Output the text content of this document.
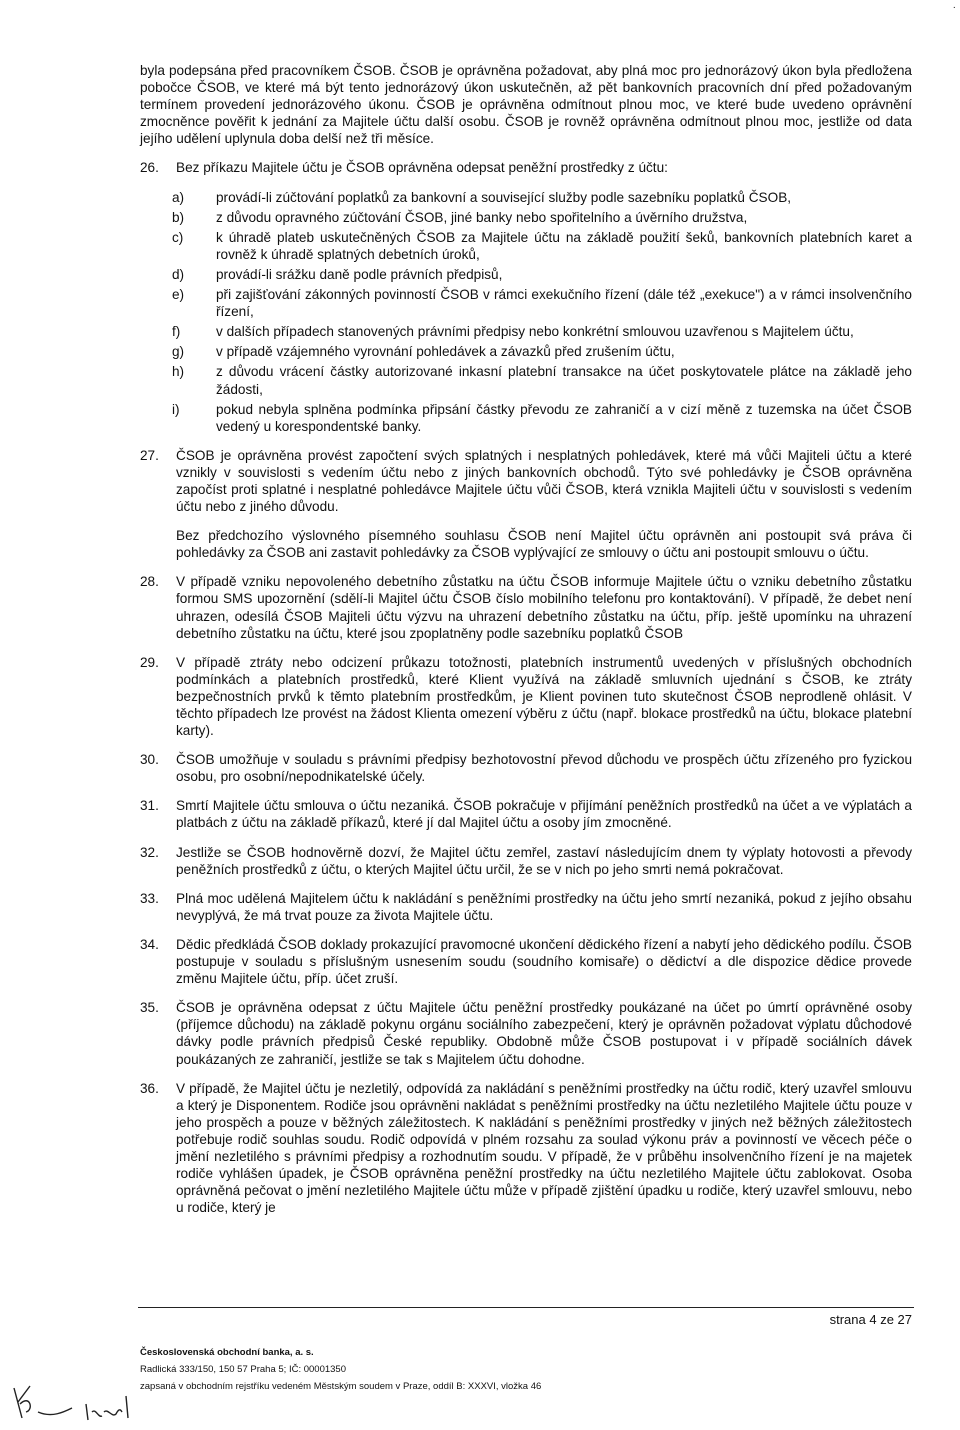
·

byla podepsána před pracovníkem ČSOB. ČSOB je oprávněna požadovat, aby plná moc pro jednorázový úkon byla předložena pobočce ČSOB, ve které má být tento jednorázový úkon uskutečněn, až pět bankovních pracovních dní před požadovaným termínem provedení jednorázového úkonu. ČSOB je oprávněna odmítnout plnou moc, ve které bude uvedeno oprávnění zmocněnce pověřit k jednání za Majitele účtu další osobu. ČSOB je rovněž oprávněna odmítnout plnou moc, jestliže od data jejího udělení uplynula doba delší než tři měsíce.

26.	Bez příkazu Majitele účtu je ČSOB oprávněna odepsat peněžní prostředky z účtu:

a)	provádí-li zúčtování poplatků za bankovní a související služby podle sazebníku poplatků ČSOB,
b)	z důvodu opravného zúčtování ČSOB, jiné banky nebo spořitelního a úvěrního družstva,
c)	k úhradě plateb uskutečněných ČSOB za Majitele účtu na základě použití šeků, bankovních platebních karet a rovněž k úhradě splatných debetních úroků,
d)	provádí-li srážku daně podle právních předpisů,
e)	při zajišťování zákonných povinností ČSOB v rámci exekučního řízení (dále též „exekuce") a v rámci insolvenčního řízení,
f)	v dalších případech stanovených právními předpisy nebo konkrétní smlouvou uzavřenou s Majitelem účtu,
g)	v případě vzájemného vyrovnání pohledávek a závazků před zrušením účtu,
h)	z důvodu vrácení částky autorizované inkasní platební transakce na účet poskytovatele plátce na základě jeho žádosti,
i)	pokud nebyla splněna podmínka připsání částky převodu ze zahraničí a v cizí měně z tuzemska na účet ČSOB vedený u korespondentské banky.
27.	ČSOB je oprávněna provést započtení svých splatných i nesplatných pohledávek, které má vůči Majiteli účtu a které vznikly v souvislosti s vedením účtu nebo z jiných bankovních obchodů. Týto své pohledávky je ČSOB oprávněna započíst proti splatné i nesplatné pohledávce Majitele účtu vůči ČSOB, která vznikla Majiteli účtu v souvislosti s vedením účtu nebo z jiného důvodu.

Bez předchozího výslovného písemného souhlasu ČSOB není Majitel účtu oprávněn ani postoupit svá práva či pohledávky za ČSOB ani zastavit pohledávky za ČSOB vyplývající ze smlouvy o účtu ani postoupit smlouvu o účtu.

28.	V případě vzniku nepovoleného debetního zůstatku na účtu ČSOB informuje Majitele účtu o vzniku debetního zůstatku formou SMS upozornění (sdělí-li Majitel účtu ČSOB číslo mobilního telefonu pro kontaktování). V případě, že debet není uhrazen, odesílá ČSOB Majiteli účtu výzvu na uhrazení debetního zůstatku na účtu, příp. ještě upomínku na uhrazení debetního zůstatku na účtu, které jsou zpoplatněny podle sazebníku poplatků ČSOB

29.	V případě ztráty nebo odcizení průkazu totožnosti, platebních instrumentů uvedených v příslušných obchodních podmínkách a platebních prostředků, které Klient využívá na základě smluvních ujednání s ČSOB, ke ztráty bezpečnostních prvků k těmto platebním prostředkům, je Klient povinen tuto skutečnost ČSOB neprodleně ohlásit. V těchto případech lze provést na žádost Klienta omezení výběru z účtu (např. blokace prostředků na účtu, blokace platební karty).

30.	ČSOB umožňuje v souladu s právními předpisy bezhotovostní převod důchodu ve prospěch účtu zřízeného pro fyzickou osobu, pro osobní/nepodnikatelské účely.

31.	Smrtí Majitele účtu smlouva o účtu nezaniká. ČSOB pokračuje v přijímání peněžních prostředků na účet a ve výplatách a platbách z účtu na základě příkazů, které jí dal Majitel účtu a osoby jím zmocněné.

32.	Jestliže se ČSOB hodnověrně dozví, že Majitel účtu zemřel, zastaví následujícím dnem ty výplaty hotovosti a převody peněžních prostředků z účtu, o kterých Majitel účtu určil, že se v nich po jeho smrti nemá pokračovat.

33.	Plná moc udělená Majitelem účtu k nakládání s peněžními prostředky na účtu jeho smrtí nezaniká, pokud z jejího obsahu nevyplývá, že má trvat pouze za života Majitele účtu.

34.	Dědic předkládá ČSOB doklady prokazující pravomocné ukončení dědického řízení a nabytí jeho dědického podílu. ČSOB postupuje v souladu s příslušným usnesením soudu (soudního komisaře) o dědictví a dle dispozice dědice provede změnu Majitele účtu, příp. účet zruší.

35.	ČSOB je oprávněna odepsat z účtu Majitele účtu peněžní prostředky poukázané na účet po úmrtí oprávněné osoby (příjemce důchodu) na základě pokynu orgánu sociálního zabezpečení, který je oprávněn požadovat výplatu důchodové dávky podle právních předpisů České republiky. Obdobně může ČSOB postupovat i v případě sociálních dávek poukázaných ze zahraničí, jestliže se tak s Majitelem účtu dohodne.

36.	V případě, že Majitel účtu je nezletilý, odpovídá za nakládání s peněžními prostředky na účtu rodič, který uzavřel smlouvu a který je Disponentem. Rodiče jsou oprávněni nakládat s peněžními prostředky na účtu nezletilého Majitele účtu pouze v jeho prospěch a pouze v běžných záležitostech. K nakládání s peněžními prostředky v jiných než běžných záležitostech potřebuje rodič souhlas soudu. Rodič odpovídá v plném rozsahu za soulad výkonu práv a povinností ve věcech péče o jmění nezletilého s právními předpisy a rozhodnutím soudu. V případě, že v průběhu insolvenčního řízení je na majetek rodiče vyhlášen úpadek, je ČSOB oprávněna peněžní prostředky na účtu nezletilého Majitele účtu zablokovat. Osoba oprávněná pečovat o jmění nezletilého Majitele účtu může v případě zjištění úpadku u rodiče, který uzavřel smlouvu, nebo u rodiče, který je

strana 4 ze 27
Československá obchodní banka, a. s.
Radlická 333/150, 150 57 Praha 5; IČ: 00001350
zapsaná v obchodním rejstříku vedeném Městským soudem v Praze, oddíl B: XXXVI, vložka 46
